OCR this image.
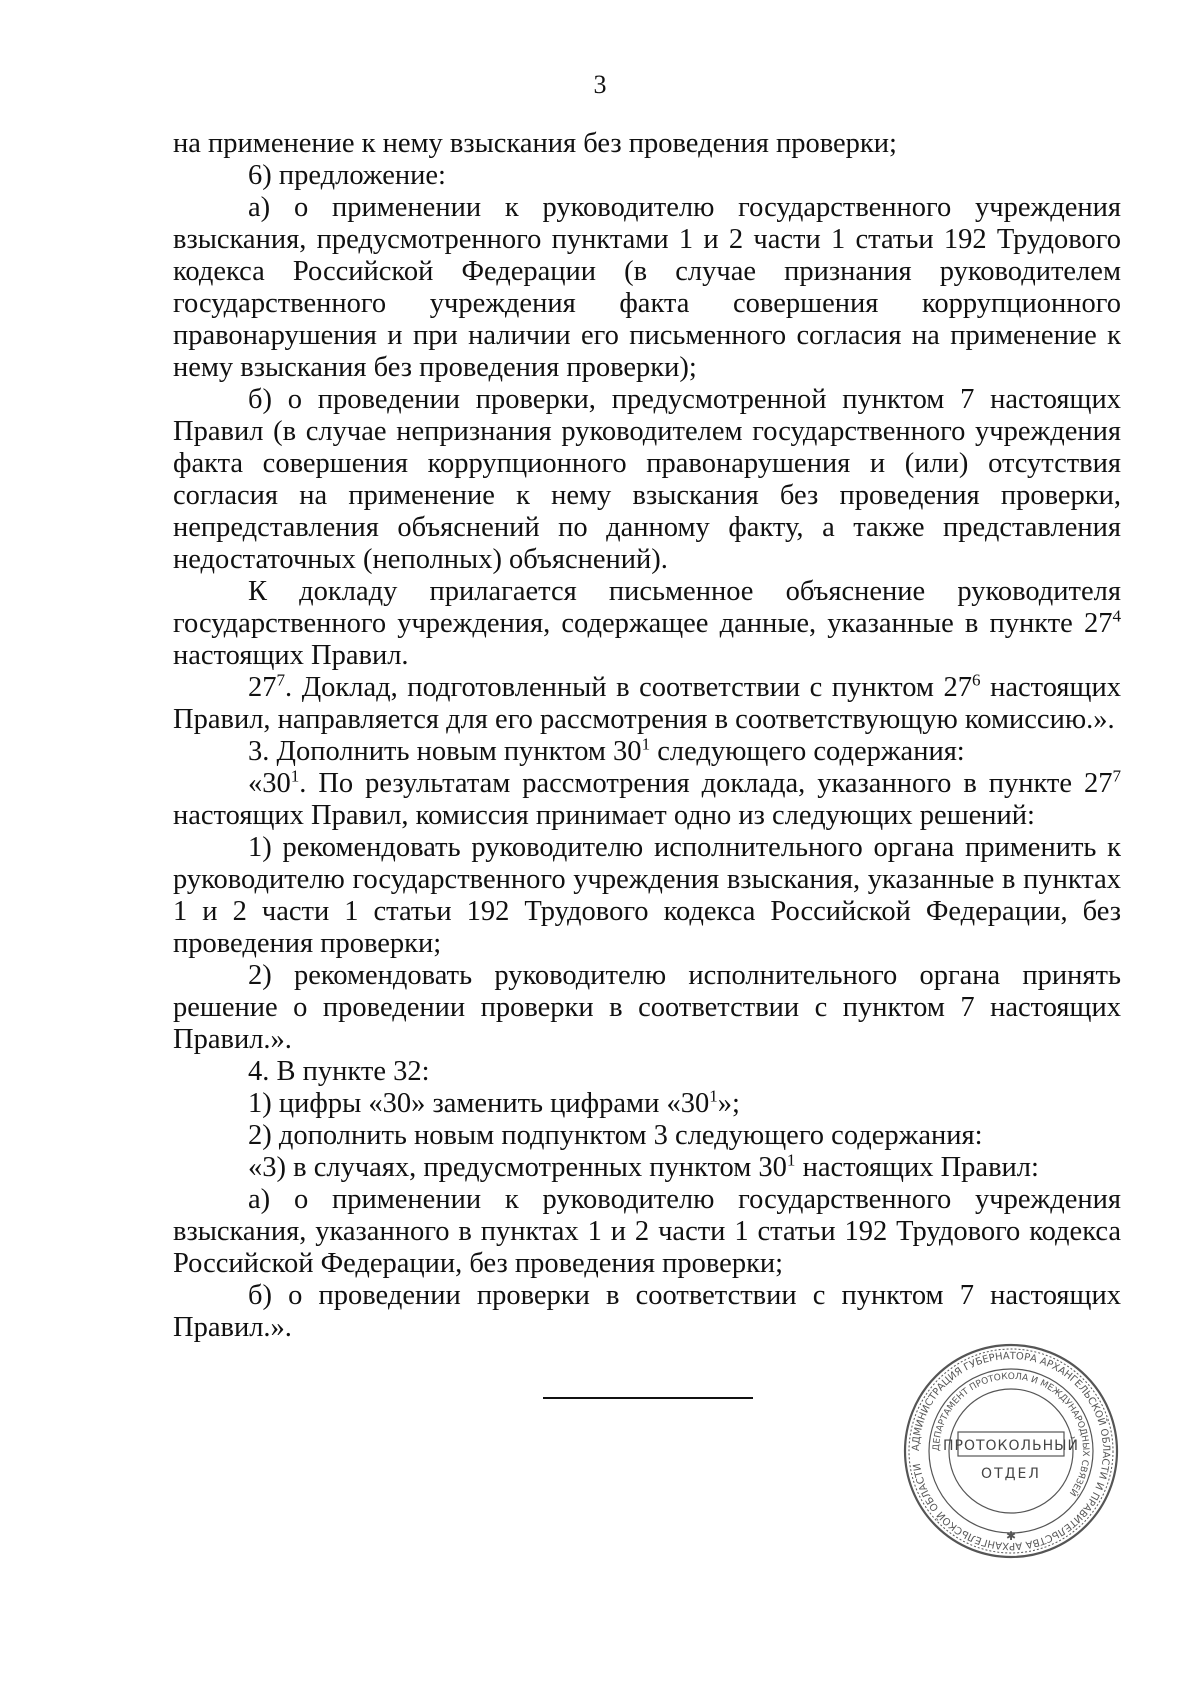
3

на применение к нему взыскания без проведения проверки;

6) предложение:

а) о применении к руководителю государственного учреждения взыскания, предусмотренного пунктами 1 и 2 части 1 статьи 192 Трудового кодекса Российской Федерации (в случае признания руководителем государственного учреждения факта совершения коррупционного правонарушения и при наличии его письменного согласия на применение к нему взыскания без проведения проверки);

б) о проведении проверки, предусмотренной пунктом 7 настоящих Правил (в случае непризнания руководителем государственного учреждения факта совершения коррупционного правонарушения и (или) отсутствия согласия на применение к нему взыскания без проведения проверки, непредставления объяснений по данному факту, а также представления недостаточных (неполных) объяснений).

К докладу прилагается письменное объяснение руководителя государственного учреждения, содержащее данные, указанные в пункте $27^4$ настоящих Правил.

$27^7$. Доклад, подготовленный в соответствии с пунктом $27^6$ настоящих Правил, направляется для его рассмотрения в соответствующую комиссию.».

3. Дополнить новым пунктом $30^1$ следующего содержания:

«$30^1$. По результатам рассмотрения доклада, указанного в пункте $27^7$ настоящих Правил, комиссия принимает одно из следующих решений:

1) рекомендовать руководителю исполнительного органа применить к руководителю государственного учреждения взыскания, указанные в пунктах 1 и 2 части 1 статьи 192 Трудового кодекса Российской Федерации, без проведения проверки;

2) рекомендовать руководителю исполнительного органа принять решение о проведении проверки в соответствии с пунктом 7 настоящих Правил.».

4. В пункте 32:

1) цифры «30» заменить цифрами «$30^1$»;

2) дополнить новым подпунктом 3 следующего содержания:

«3) в случаях, предусмотренных пунктом $30^1$ настоящих Правил:

а) о применении к руководителю государственного учреждения взыскания, указанного в пунктах 1 и 2 части 1 статьи 192 Трудового кодекса Российской Федерации, без проведения проверки;

б) о проведении проверки в соответствии с пунктом 7 настоящих Правил.».

АДМИНИСТРАЦИЯ ГУБЕРНАТОРА АРХАНГЕЛЬСКОЙ ОБЛАСТИ И ПРАВИТЕЛЬСТВА АРХАНГЕЛЬСКОЙ ОБЛАСТИ
ДЕПАРТАМЕНТ ПРОТОКОЛА И МЕЖДУНАРОДНЫХ СВЯЗЕЙ
ПРОТОКОЛЬНЫЙ
ОТДЕЛ
✱
